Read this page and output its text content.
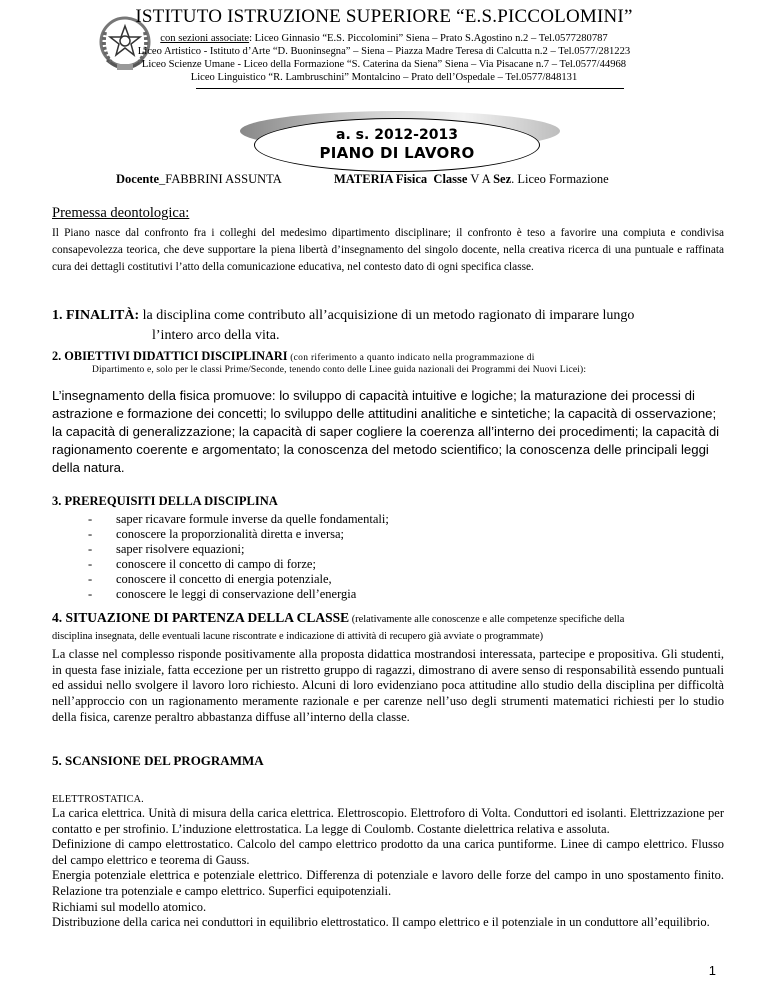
ISTITUTO ISTRUZIONE SUPERIORE “E.S.PICCOLOMINI”
con sezioni associate: Liceo Ginnasio “E.S. Piccolomini” Siena – Prato S.Agostino n.2 – Tel.0577280787
Liceo Artistico - Istituto d’Arte “D. Buoninsegna” – Siena – Piazza Madre Teresa di Calcutta n.2 – Tel.0577/281223
Liceo Scienze Umane - Liceo della Formazione “S. Caterina da Siena” Siena – Via Pisacane n.7 – Tel.0577/44968
Liceo Linguistico “R. Lambruschini” Montalcino – Prato dell’Ospedale – Tel.0577/848131
a. s. 2012-2013
PIANO DI LAVORO
Docente_FABBRINI ASSUNTA	MATERIA Fisica Classe V A Sez. Liceo Formazione
Premessa deontologica:
Il Piano nasce dal confronto fra i colleghi del medesimo dipartimento disciplinare; il confronto è teso a favorire una compiuta e condivisa consapevolezza teorica, che deve supportare la piena libertà d’insegnamento del singolo docente, nella creativa ricerca di una puntuale e raffinata cura dei dettagli costitutivi l’atto della comunicazione educativa, nel contesto dato di ogni specifica classe.
1. FINALITÀ: la disciplina come contributo all’acquisizione di un metodo ragionato di imparare lungo
l’intero arco della vita.
2. OBIETTIVI DIDATTICI DISCIPLINARI (con riferimento a quanto indicato nella programmazione di
Dipartimento e, solo per le classi Prime/Seconde, tenendo conto delle Linee guida nazionali dei Programmi dei Nuovi Licei):
L’insegnamento della fisica promuove: lo sviluppo di capacità intuitive e logiche; la maturazione dei processi di astrazione e formazione dei concetti; lo sviluppo delle attitudini analitiche e sintetiche; la capacità di osservazione; la capacità di generalizzazione; la capacità di saper cogliere la coerenza all’interno dei procedimenti; la capacità di ragionamento coerente e argomentato; la conoscenza del metodo scientifico; la conoscenza delle principali leggi della natura.
3. PREREQUISITI DELLA DISCIPLINA
- saper ricavare formule inverse da quelle fondamentali;
- conoscere la proporzionalità diretta e inversa;
- saper risolvere equazioni;
- conoscere il concetto di campo di forze;
- conoscere il concetto di energia potenziale,
- conoscere le leggi di conservazione dell’energia
4. SITUAZIONE DI PARTENZA DELLA CLASSE (relativamente alle conoscenze e alle competenze specifiche della
disciplina insegnata, delle eventuali lacune riscontrate e indicazione di attività di recupero già avviate o programmate)
La classe nel complesso risponde positivamente alla proposta didattica mostrandosi interessata, partecipe e propositiva. Gli studenti, in questa fase iniziale, fatta eccezione per un ristretto gruppo di ragazzi, dimostrano di avere senso di responsabilità essendo puntuali ed assidui nello svolgere il lavoro loro richiesto. Alcuni di loro evidenziano poca attitudine allo studio della disciplina per difficoltà nell’approccio con un ragionamento meramente razionale e per carenze nell’uso degli strumenti matematici richiesti per lo studio della fisica, carenze peraltro abbastanza diffuse all’interno della classe.
5. SCANSIONE DEL PROGRAMMA
ELETTROSTATICA.
La carica elettrica. Unità di misura della carica elettrica. Elettroscopio. Elettroforo di Volta. Conduttori ed isolanti. Elettrizzazione per contatto e per strofinio. L’induzione elettrostatica. La legge di Coulomb. Costante dielettrica relativa e assoluta.
Definizione di campo elettrostatico. Calcolo del campo elettrico prodotto da una carica puntiforme. Linee di campo elettrico. Flusso del campo elettrico e teorema di Gauss.
Energia potenziale elettrica e potenziale elettrico. Differenza di potenziale e lavoro delle forze del campo in uno spostamento finito. Relazione tra potenziale e campo elettrico. Superfici equipotenziali.
Richiami sul modello atomico.
Distribuzione della carica nei conduttori in equilibrio elettrostatico. Il campo elettrico e il potenziale in un conduttore all’equilibrio.
1
